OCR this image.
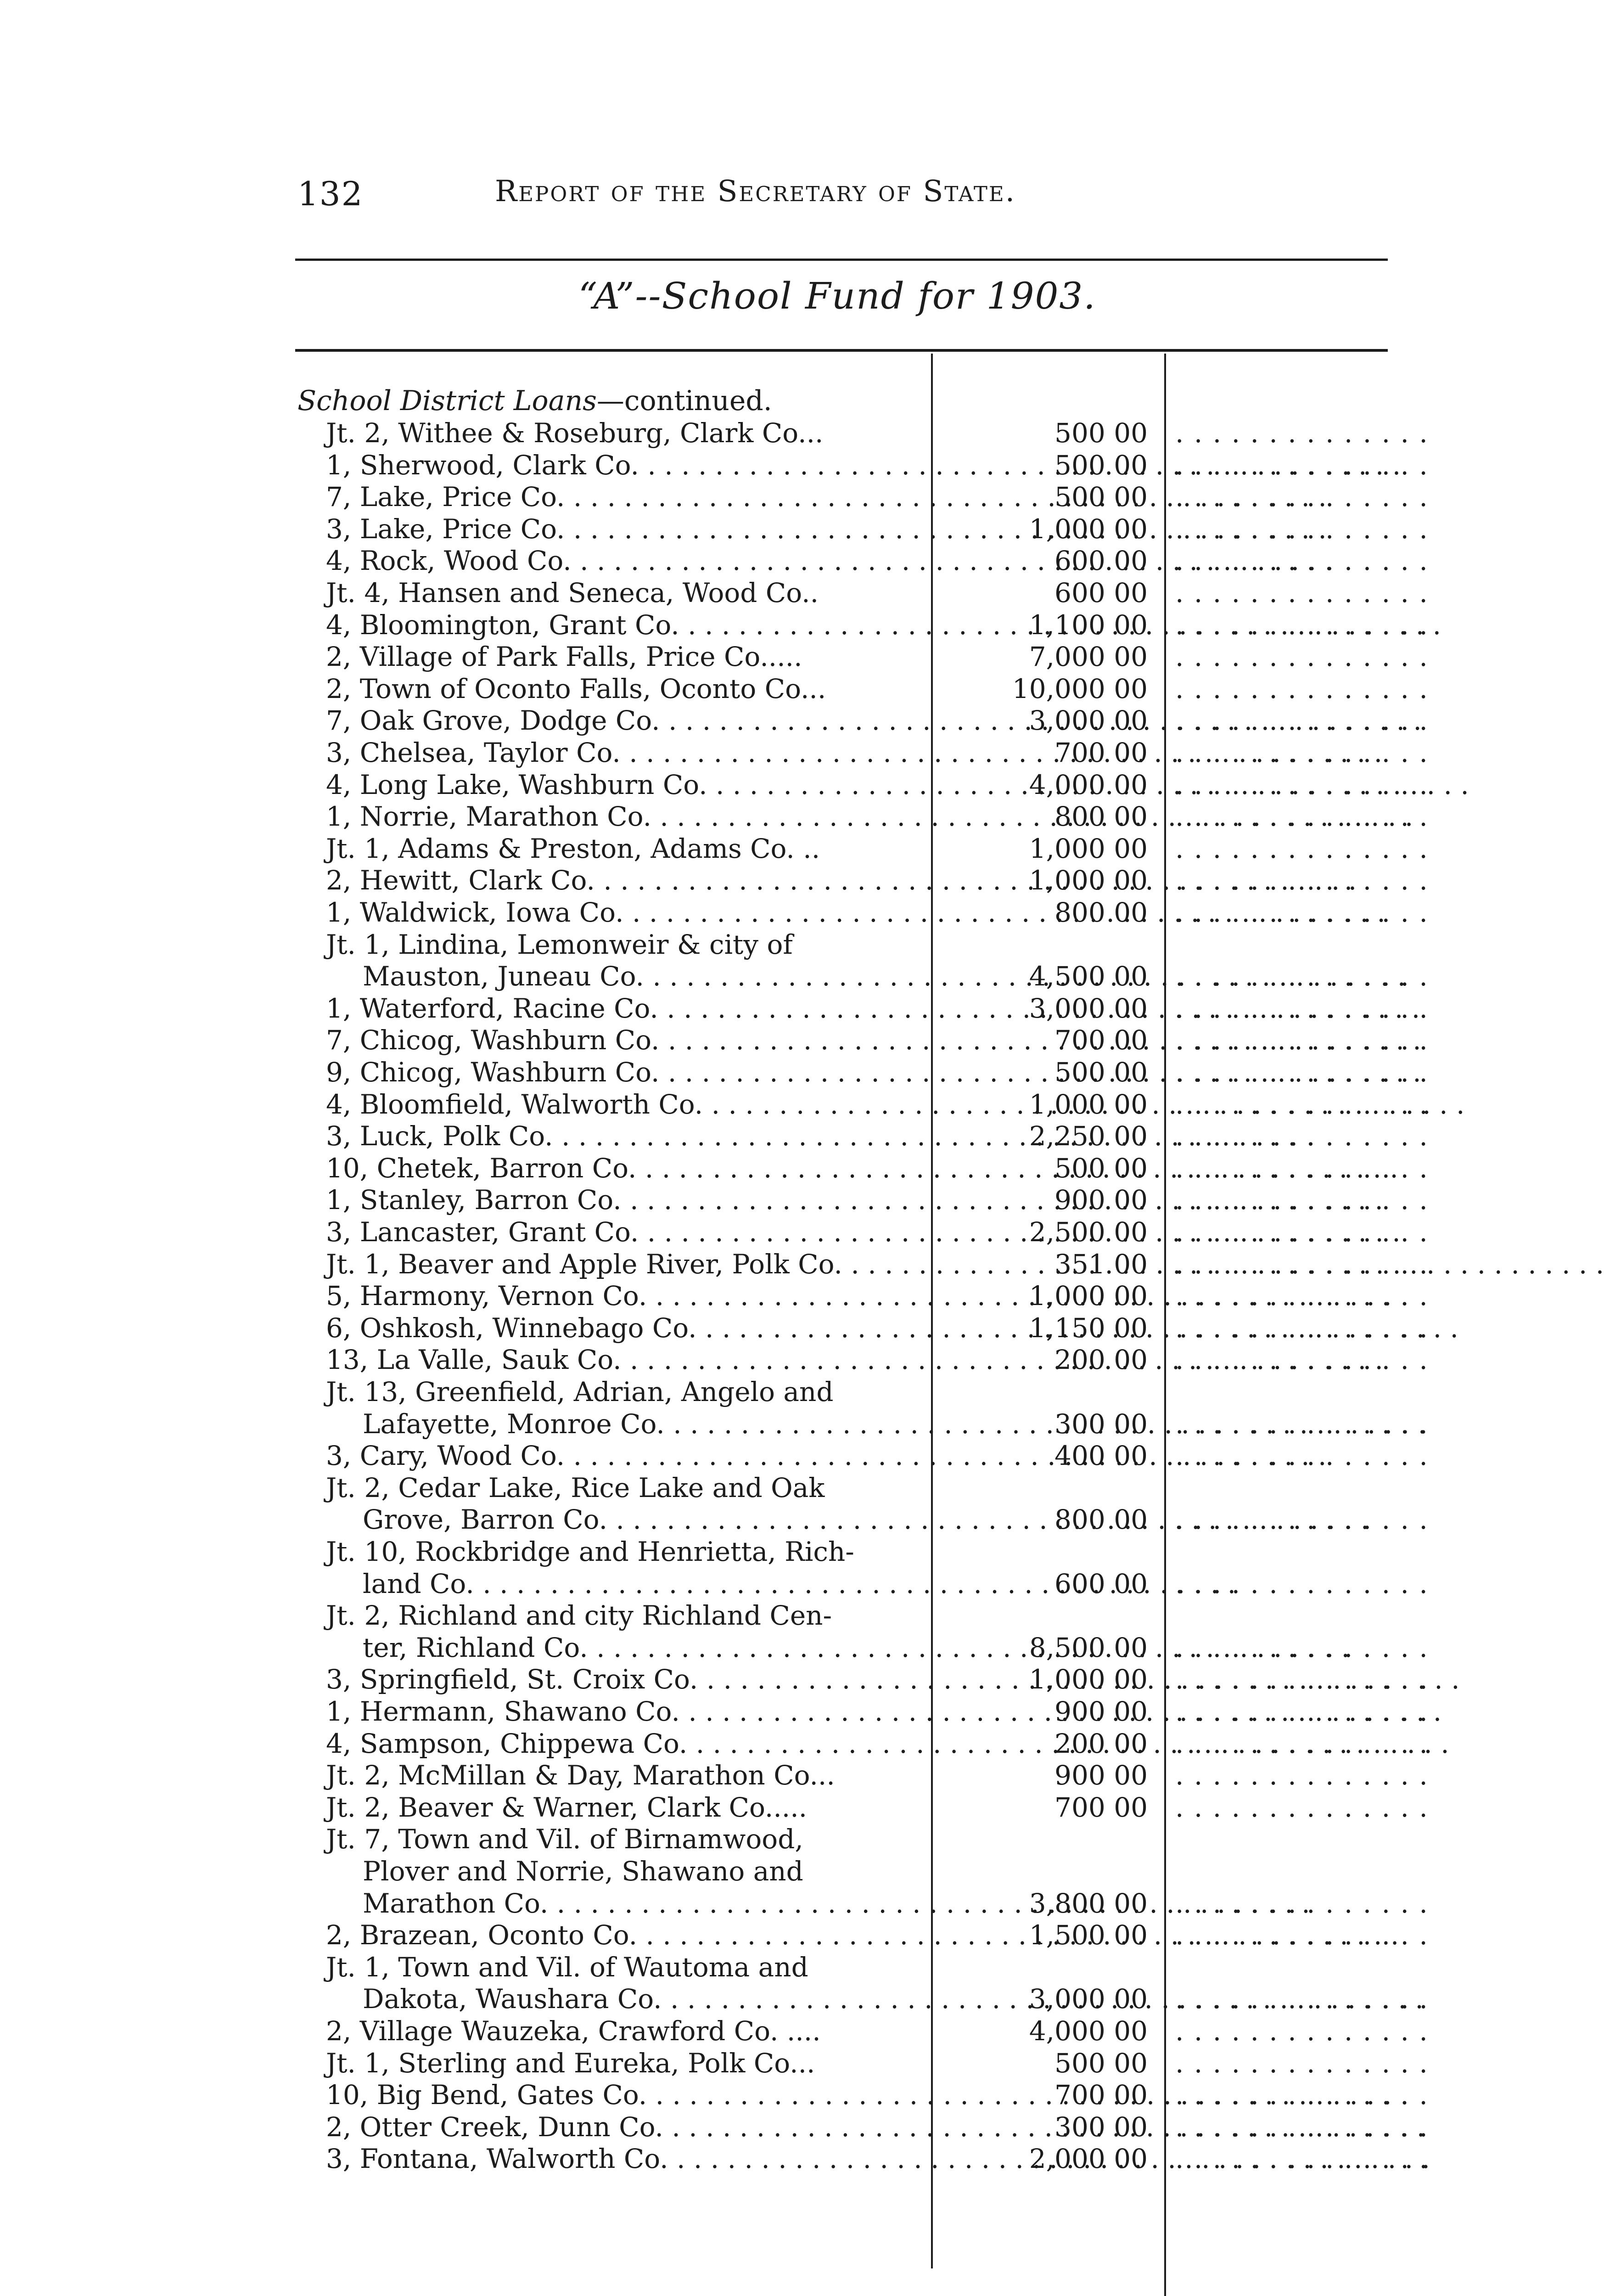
132	Report of the Secretary of State.
“A”--School Fund for 1903.
School District Loans—continued.
Jt. 2, Withee & Roseburg, Clark Co...	500 00 . . . . . . . . . . . . . .
1, Sherwood, Clark Co. . . .	500 00 . . . . . . . . . . . . . .
7, Lake, Price Co. . . .	500 00 . . . . . . . . . . . . . .
3, Lake, Price Co. . . .	1,000 00 . . . . . . . . . . . . . .
4, Rock, Wood Co. . . .	600 00 . . . . . . . . . . . . . .
Jt. 4, Hansen and Seneca, Wood Co..	600 00 . . . . . . . . . . . . . .
4, Bloomington, Grant Co. . . .	1,100 00 . . . . . . . . . . . . . .
2, Village of Park Falls, Price Co.....	7,000 00 . . . . . . . . . . . . . .
2, Town of Oconto Falls, Oconto Co...	10,000 00 . . . . . . . . . . . . . .
7, Oak Grove, Dodge Co. . . .	3,000 00 . . . . . . . . . . . . . .
3, Chelsea, Taylor Co. . . .	700 00 . . . . . . . . . . . . . .
4, Long Lake, Washburn Co. . . .	4,000 00 . . . . . . . . . . . . . .
1, Norrie, Marathon Co. . . .	800 00 . . . . . . . . . . . . . .
Jt. 1, Adams & Preston, Adams Co. ..	1,000 00 . . . . . . . . . . . . . .
2, Hewitt, Clark Co. . . .	1,000 00 . . . . . . . . . . . . . .
1, Waldwick, Iowa Co. . . .	800 00 . . . . . . . . . . . . . .
Jt. 1, Lindina, Lemonweir & city of
Mauston, Juneau Co. . . .	4,500 00 . . . . . . . . . . . . . .
1, Waterford, Racine Co. . . .	3,000 00 . . . . . . . . . . . . . .
7, Chicog, Washburn Co. . . .	700 00 . . . . . . . . . . . . . .
9, Chicog, Washburn Co. . . .	500 00 . . . . . . . . . . . . . .
4, Bloomfield, Walworth Co. . . .	1,000 00 . . . . . . . . . . . . . .
3, Luck, Polk Co. . . .	2,250 00 . . . . . . . . . . . . . .
10, Chetek, Barron Co. . . .	500 00 . . . . . . . . . . . . . .
1, Stanley, Barron Co. . . .	900 00 . . . . . . . . . . . . . .
3, Lancaster, Grant Co. . . .	2,500 00 . . . . . . . . . . . . . .
Jt. 1, Beaver and Apple River, Polk Co. . . .	351 00 . . . . . . . . . . . . . .
5, Harmony, Vernon Co. . . .	1,000 00 . . . . . . . . . . . . . .
6, Oshkosh, Winnebago Co. . . .	1,150 00 . . . . . . . . . . . . . .
13, La Valle, Sauk Co. . . .	200 00 . . . . . . . . . . . . . .
Jt. 13, Greenfield, Adrian, Angelo and
Lafayette, Monroe Co. . . .	300 00 . . . . . . . . . . . . . .
3, Cary, Wood Co. . . .	400 00 . . . . . . . . . . . . . .
Jt. 2, Cedar Lake, Rice Lake and Oak
Grove, Barron Co. . . .	800 00 . . . . . . . . . . . . . .
Jt. 10, Rockbridge and Henrietta, Rich-
land Co. . . .	600 00 . . . . . . . . . . . . . .
Jt. 2, Richland and city Richland Cen-
ter, Richland Co. . . .	8,500 00 . . . . . . . . . . . . . .
3, Springfield, St. Croix Co. . . .	1,000 00 . . . . . . . . . . . . . .
1, Hermann, Shawano Co. . . .	900 00 . . . . . . . . . . . . . .
4, Sampson, Chippewa Co. . . .	200 00 . . . . . . . . . . . . . .
Jt. 2, McMillan & Day, Marathon Co...	900 00 . . . . . . . . . . . . . .
Jt. 2, Beaver & Warner, Clark Co.....	700 00 . . . . . . . . . . . . . .
Jt. 7, Town and Vil. of Birnamwood,
Plover and Norrie, Shawano and
Marathon Co. . . .	3,800 00 . . . . . . . . . . . . . .
2, Brazean, Oconto Co. . . .	1,500 00 . . . . . . . . . . . . . .
Jt. 1, Town and Vil. of Wautoma and
Dakota, Waushara Co. . . .	3,000 00 . . . . . . . . . . . . . .
2, Village Wauzeka, Crawford Co. ....	4,000 00 . . . . . . . . . . . . . .
Jt. 1, Sterling and Eureka, Polk Co...	500 00 . . . . . . . . . . . . . .
10, Big Bend, Gates Co. . . .	700 00 . . . . . . . . . . . . . .
2, Otter Creek, Dunn Co. . . .	300 00 . . . . . . . . . . . . . .
3, Fontana, Walworth Co. . . .	2,000 00 . . . . . . . . . . . . . .
